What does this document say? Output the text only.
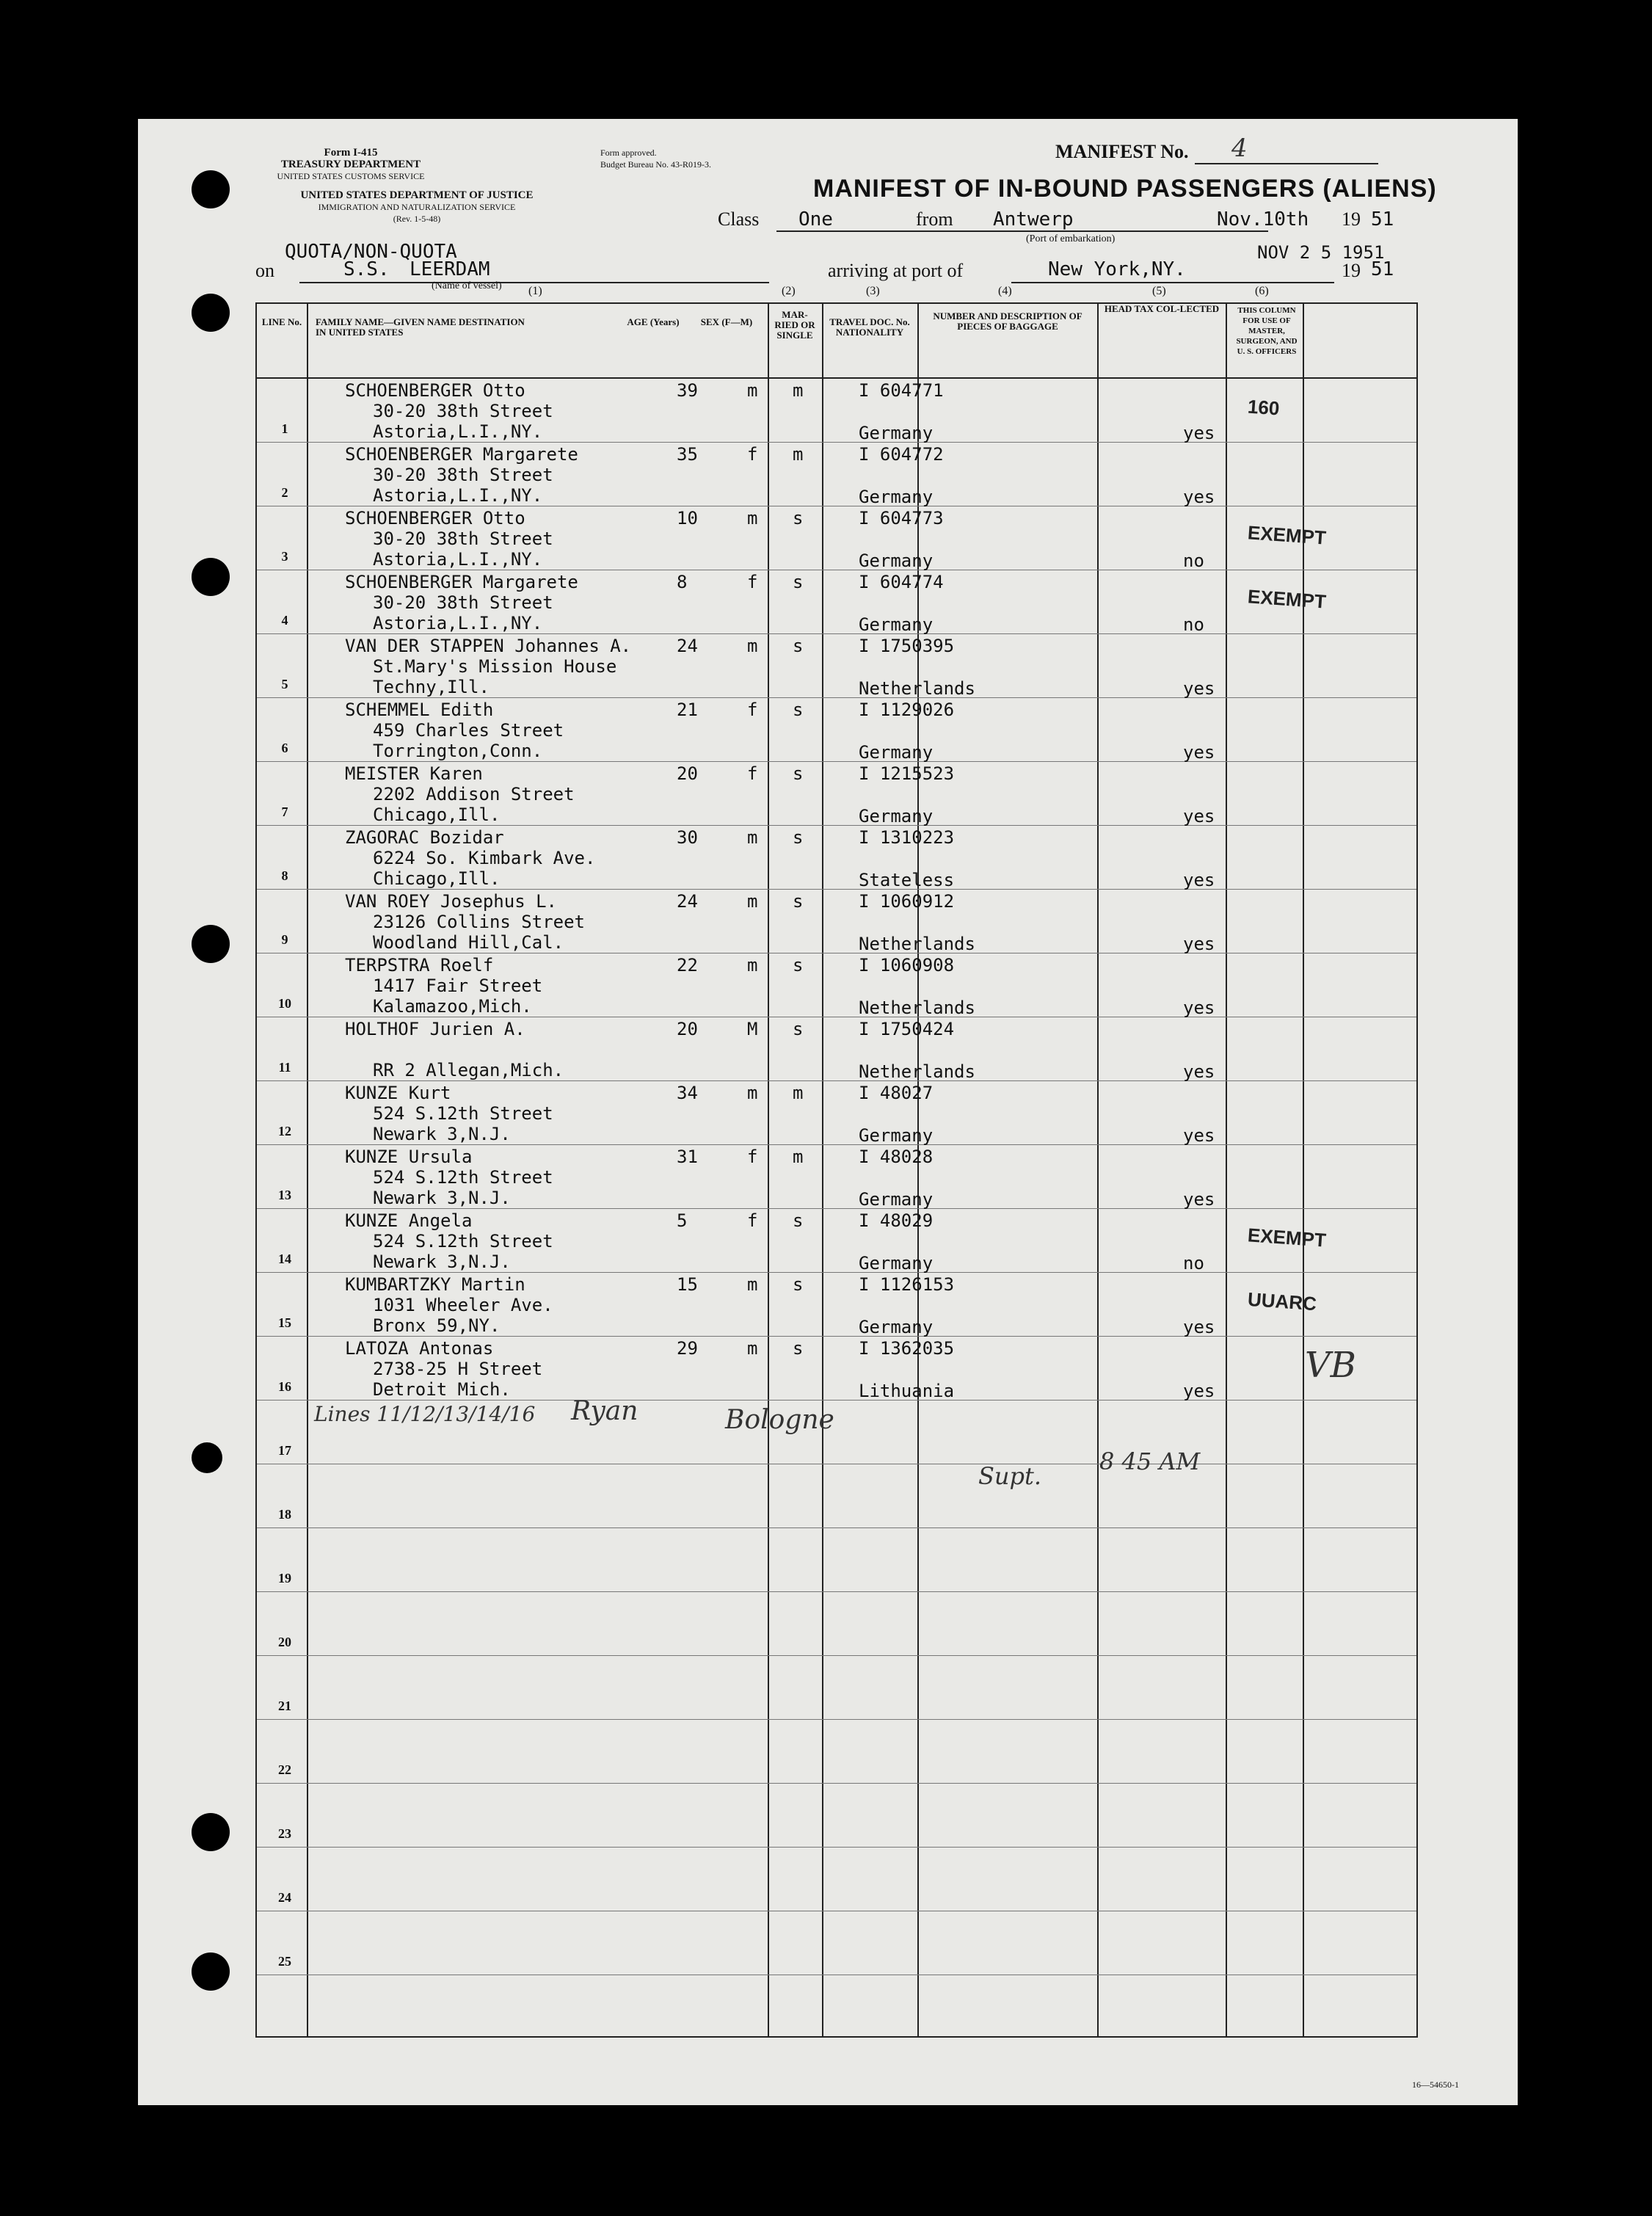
Form I-415
TREASURY DEPARTMENT
UNITED STATES CUSTOMS SERVICE
UNITED STATES DEPARTMENT OF JUSTICE
IMMIGRATION AND NATURALIZATION SERVICE
(Rev. 1-5-48)
Form approved.
Budget Bureau No. 43-R019-3.
MANIFEST No. 4
MANIFEST OF IN-BOUND PASSENGERS (ALIENS)
Class One	from Antwerp
(Port of embarkation)
Nov.10th 19 51
QUOTA/NON-QUOTA
on	S.S. LEERDAM
(Name of vessel)
arriving at port of	New York,NY.
NOV 2 5 1951
19 51
(1)	(2)	(3)	(4)	(5)	(6)
LINE No. FAMILY NAME—GIVEN NAME DESTINATION IN UNITED STATES
AGE (Years)	SEX (F—M)
MAR-RIED OR SINGLE
TRAVEL DOC. No. NATIONALITY
NUMBER AND DESCRIPTION OF PIECES OF BAGGAGE
HEAD TAX COL-LECTED	THIS COLUMN FOR USE OF MASTER, SURGEON, AND U. S. OFFICERS
1
SCHOENBERGER Otto
30-20 38th Street
Astoria,L.I.,NY.
39	m m	I 604771
Germany	yes
160
2
SCHOENBERGER Margarete
30-20 38th Street
Astoria,L.I.,NY.
35	f m	I 604772
Germany	yes
3
SCHOENBERGER Otto
30-20 38th Street
Astoria,L.I.,NY.
10	m s	I 604773
Germany	no
EXEMPT
4
SCHOENBERGER Margarete
30-20 38th Street
Astoria,L.I.,NY.
8	f s	I 604774
Germany	no
EXEMPT
5
VAN DER STAPPEN Johannes A.
St.Mary's Mission House
Techny,Ill.
24	m s	I 1750395
Netherlands	yes
6
SCHEMMEL Edith
459 Charles Street
Torrington,Conn.
21	f s	I 1129026
Germany	yes
7
MEISTER Karen
2202 Addison Street
Chicago,Ill.
20	f s	I 1215523
Germany	yes
8
ZAGORAC Bozidar
6224 So. Kimbark Ave.
Chicago,Ill.
30	m s	I 1310223
Stateless	yes
9
VAN ROEY Josephus L.
23126 Collins Street
Woodland Hill,Cal.
24	m s	I 1060912
Netherlands	yes
10
TERPSTRA Roelf
1417 Fair Street
Kalamazoo,Mich.
22	m s	I 1060908
Netherlands	yes
11
HOLTHOF Jurien A.
RR 2 Allegan,Mich.
20	M s	I 1750424
Netherlands	yes
12
KUNZE Kurt
524 S.12th Street
Newark 3,N.J.
34	m m	I 48027
Germany	yes
13
KUNZE Ursula
524 S.12th Street
Newark 3,N.J.
31	f m	I 48028
Germany	yes
14
KUNZE Angela
524 S.12th Street
Newark 3,N.J.
5	f s	I 48029
Germany	no
EXEMPT
15
KUMBARTZKY Martin
1031 Wheeler Ave.
Bronx 59,NY.
15	m s	I 1126153
Germany	yes
UUARC
16
LATOZA Antonas
2738-25 H Street
Detroit Mich.
29	m s	I 1362035
Lithuania	yes
17
18
19
20
21
22
23
24
25
Lines 11/12/13/14/16 Ryan	Bologne
Supt.
8 45 AM
VB
16—54650-1
